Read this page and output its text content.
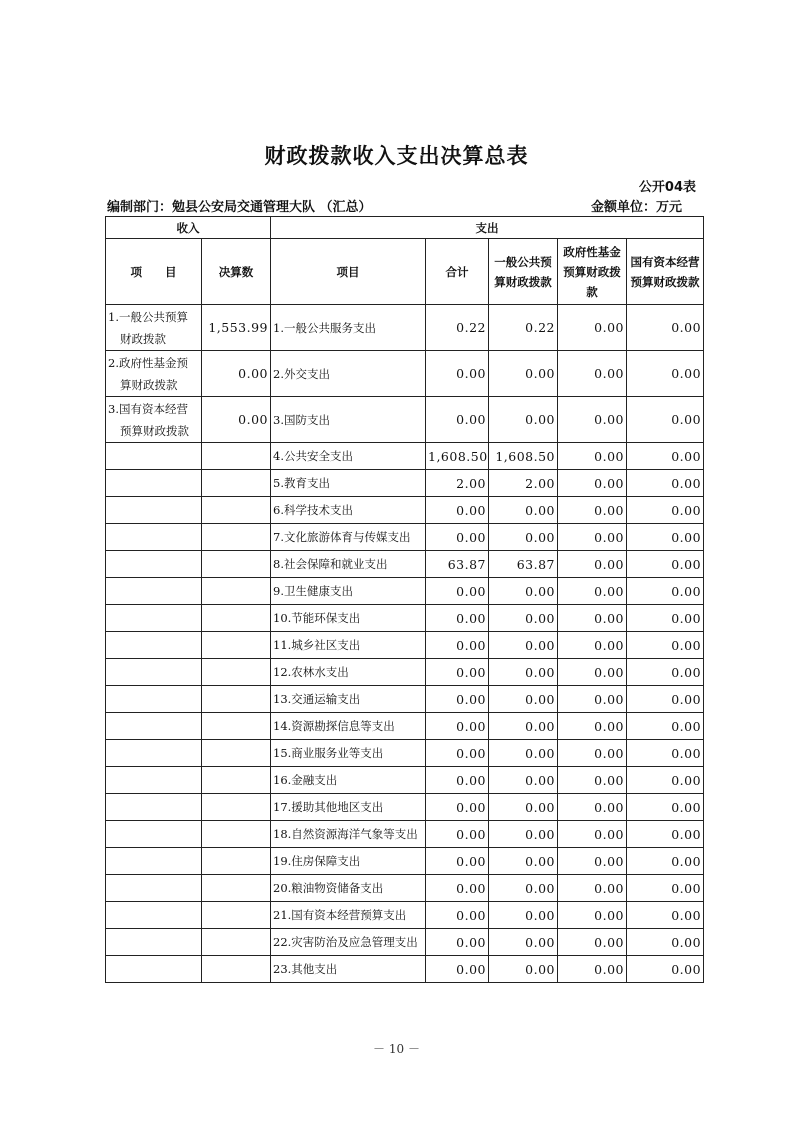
财政拨款收入支出决算总表
公开04表
编制部门：勉县公安局交通管理大队 （汇总）	金额单位：万元
收入		支出				
项　　目	决算数	项目	合计	一般公共预算财政拨款	政府性基金预算财政拨款	国有资本经营预算财政拨款
1.一般公共预算
财政拨款	1,553.99	1.一般公共服务支出	0.22	0.22	0.00	0.00
2.政府性基金预
算财政拨款	0.00	2.外交支出	0.00	0.00	0.00	0.00
3.国有资本经营
预算财政拨款	0.00	3.国防支出	0.00	0.00	0.00	0.00
		4.公共安全支出	1,608.50	1,608.50	0.00	0.00
		5.教育支出	2.00	2.00	0.00	0.00
		6.科学技术支出	0.00	0.00	0.00	0.00
		7.文化旅游体育与传媒支出	0.00	0.00	0.00	0.00
		8.社会保障和就业支出	63.87	63.87	0.00	0.00
		9.卫生健康支出	0.00	0.00	0.00	0.00
		10.节能环保支出	0.00	0.00	0.00	0.00
		11.城乡社区支出	0.00	0.00	0.00	0.00
		12.农林水支出	0.00	0.00	0.00	0.00
		13.交通运输支出	0.00	0.00	0.00	0.00
		14.资源勘探信息等支出	0.00	0.00	0.00	0.00
		15.商业服务业等支出	0.00	0.00	0.00	0.00
		16.金融支出	0.00	0.00	0.00	0.00
		17.援助其他地区支出	0.00	0.00	0.00	0.00
		18.自然资源海洋气象等支出	0.00	0.00	0.00	0.00
		19.住房保障支出	0.00	0.00	0.00	0.00
		20.粮油物资储备支出	0.00	0.00	0.00	0.00
		21.国有资本经营预算支出	0.00	0.00	0.00	0.00
		22.灾害防治及应急管理支出	0.00	0.00	0.00	0.00
		23.其他支出	0.00	0.00	0.00	0.00
－ 10 －
